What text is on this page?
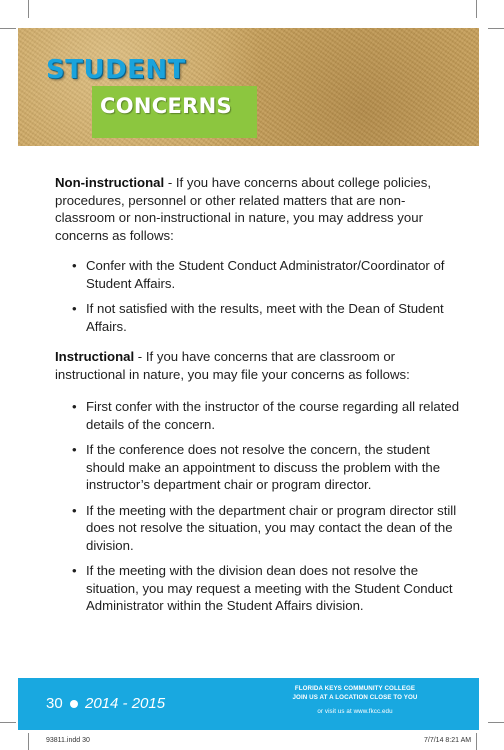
STUDENT
CONCERNS
Non-instructional - If you have concerns about college policies, procedures, personnel or other related matters that are non-classroom or non-instructional in nature, you may address your concerns as follows:
• Confer with the Student Conduct Administrator/Coordinator of Student Affairs.
• If not satisfied with the results, meet with the Dean of Student Affairs.
Instructional - If you have concerns that are classroom or instructional in nature, you may file your concerns as follows:
• First confer with the instructor of the course regarding all related details of the concern.
• If the conference does not resolve the concern, the student should make an appointment to discuss the problem with the instructor’s department chair or program director.
• If the meeting with the department chair or program director still does not resolve the situation, you may contact the dean of the division.
• If the meeting with the division dean does not resolve the situation, you may request a meeting with the Student Conduct Administrator within the Student Affairs division.
30 2014 - 2015
FLORIDA KEYS COMMUNITY COLLEGE
JOIN US AT A LOCATION CLOSE TO YOU
or visit us at www.fkcc.edu
93811.indd 30	7/7/14 8:21 AM
